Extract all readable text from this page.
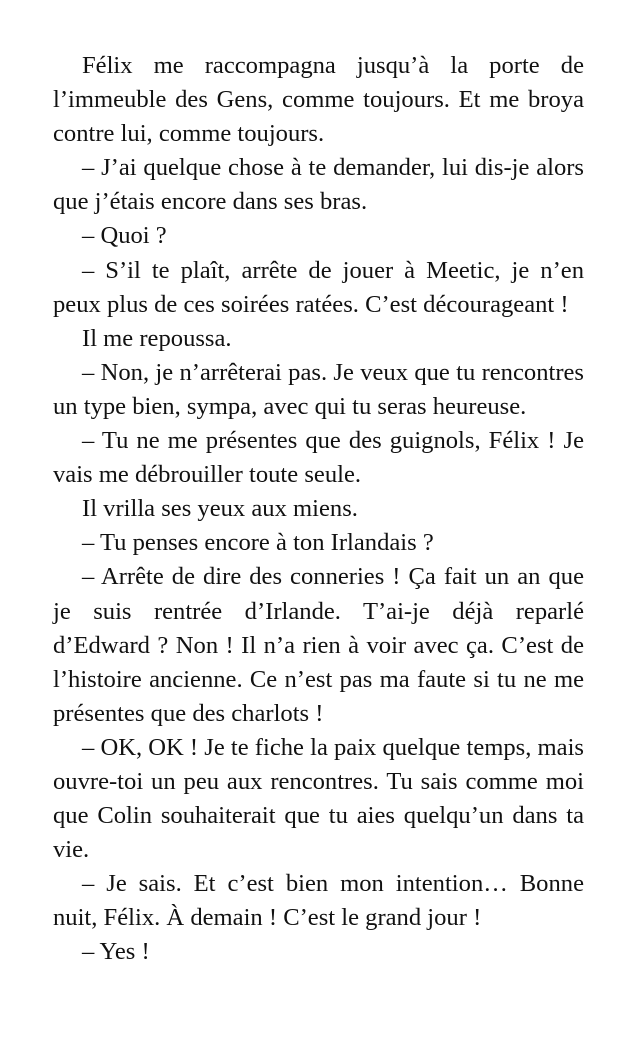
Félix me raccompagna jusqu’à la porte de l’immeuble des Gens, comme toujours. Et me broya contre lui, comme toujours.

– J’ai quelque chose à te demander, lui dis-je alors que j’étais encore dans ses bras.

– Quoi ?

– S’il te plaît, arrête de jouer à Meetic, je n’en peux plus de ces soirées ratées. C’est décourageant !

Il me repoussa.

– Non, je n’arrêterai pas. Je veux que tu rencontres un type bien, sympa, avec qui tu seras heureuse.

– Tu ne me présentes que des guignols, Félix ! Je vais me débrouiller toute seule.

Il vrilla ses yeux aux miens.

– Tu penses encore à ton Irlandais ?

– Arrête de dire des conneries ! Ça fait un an que je suis rentrée d’Irlande. T’ai-je déjà reparlé d’Edward ? Non ! Il n’a rien à voir avec ça. C’est de l’histoire ancienne. Ce n’est pas ma faute si tu ne me présentes que des charlots !

– OK, OK ! Je te fiche la paix quelque temps, mais ouvre-toi un peu aux rencontres. Tu sais comme moi que Colin souhaiterait que tu aies quelqu’un dans ta vie.

– Je sais. Et c’est bien mon intention… Bonne nuit, Félix. À demain ! C’est le grand jour !

– Yes !
